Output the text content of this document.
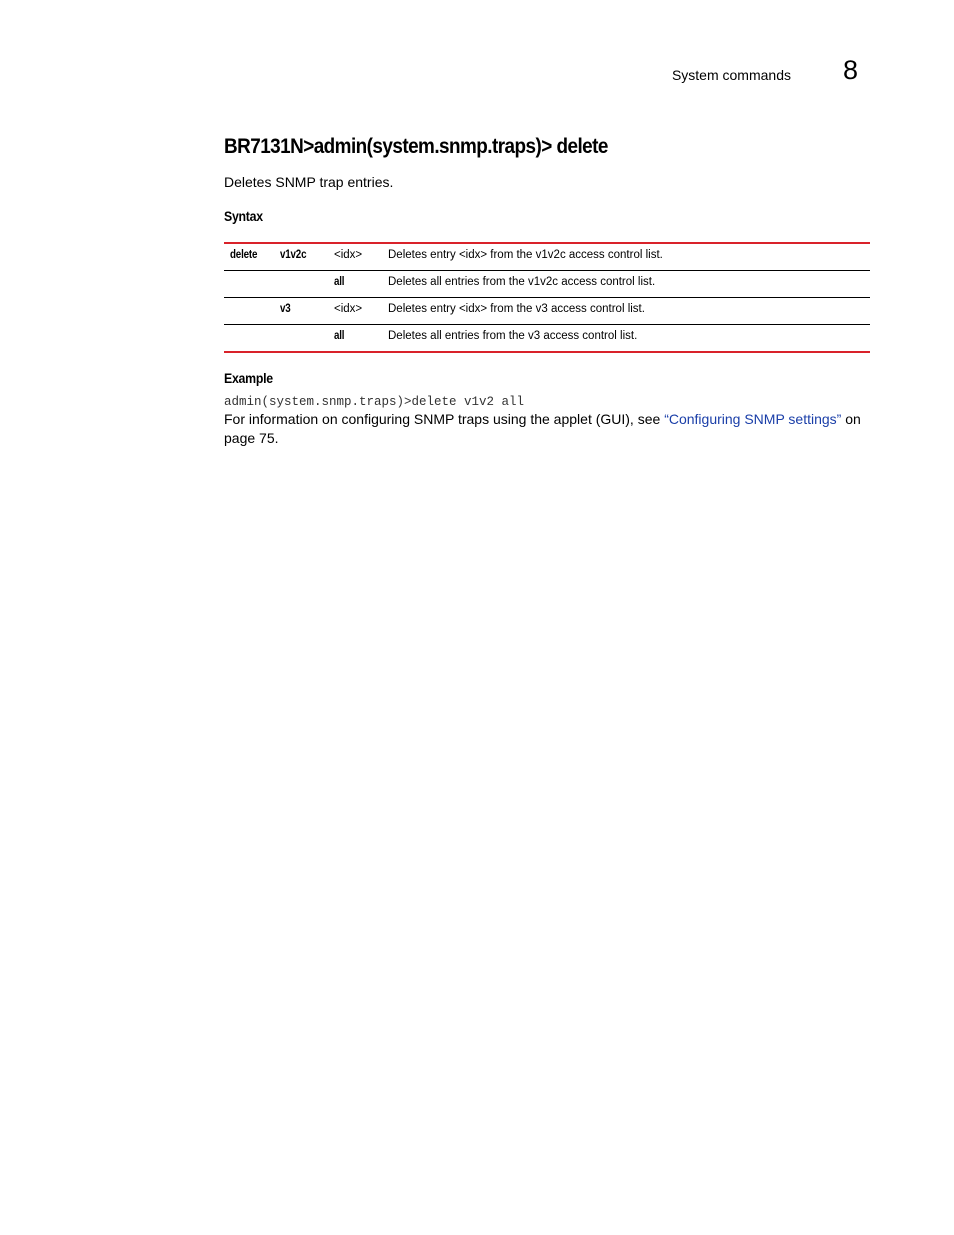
System commands 8
BR7131N>admin(system.snmp.traps)> delete

Deletes SNMP trap entries.

Syntax
delete	v1v2c	<idx>	Deletes entry <idx> from the v1v2c access control list.
		all	Deletes all entries from the v1v2c access control list.
	v3	<idx>	Deletes entry <idx> from the v3 access control list.
		all	Deletes all entries from the v3 access control list.
Example
admin(system.snmp.traps)>delete v1v2 all

For information on configuring SNMP traps using the applet (GUI), see “Configuring SNMP settings” on page 75.
